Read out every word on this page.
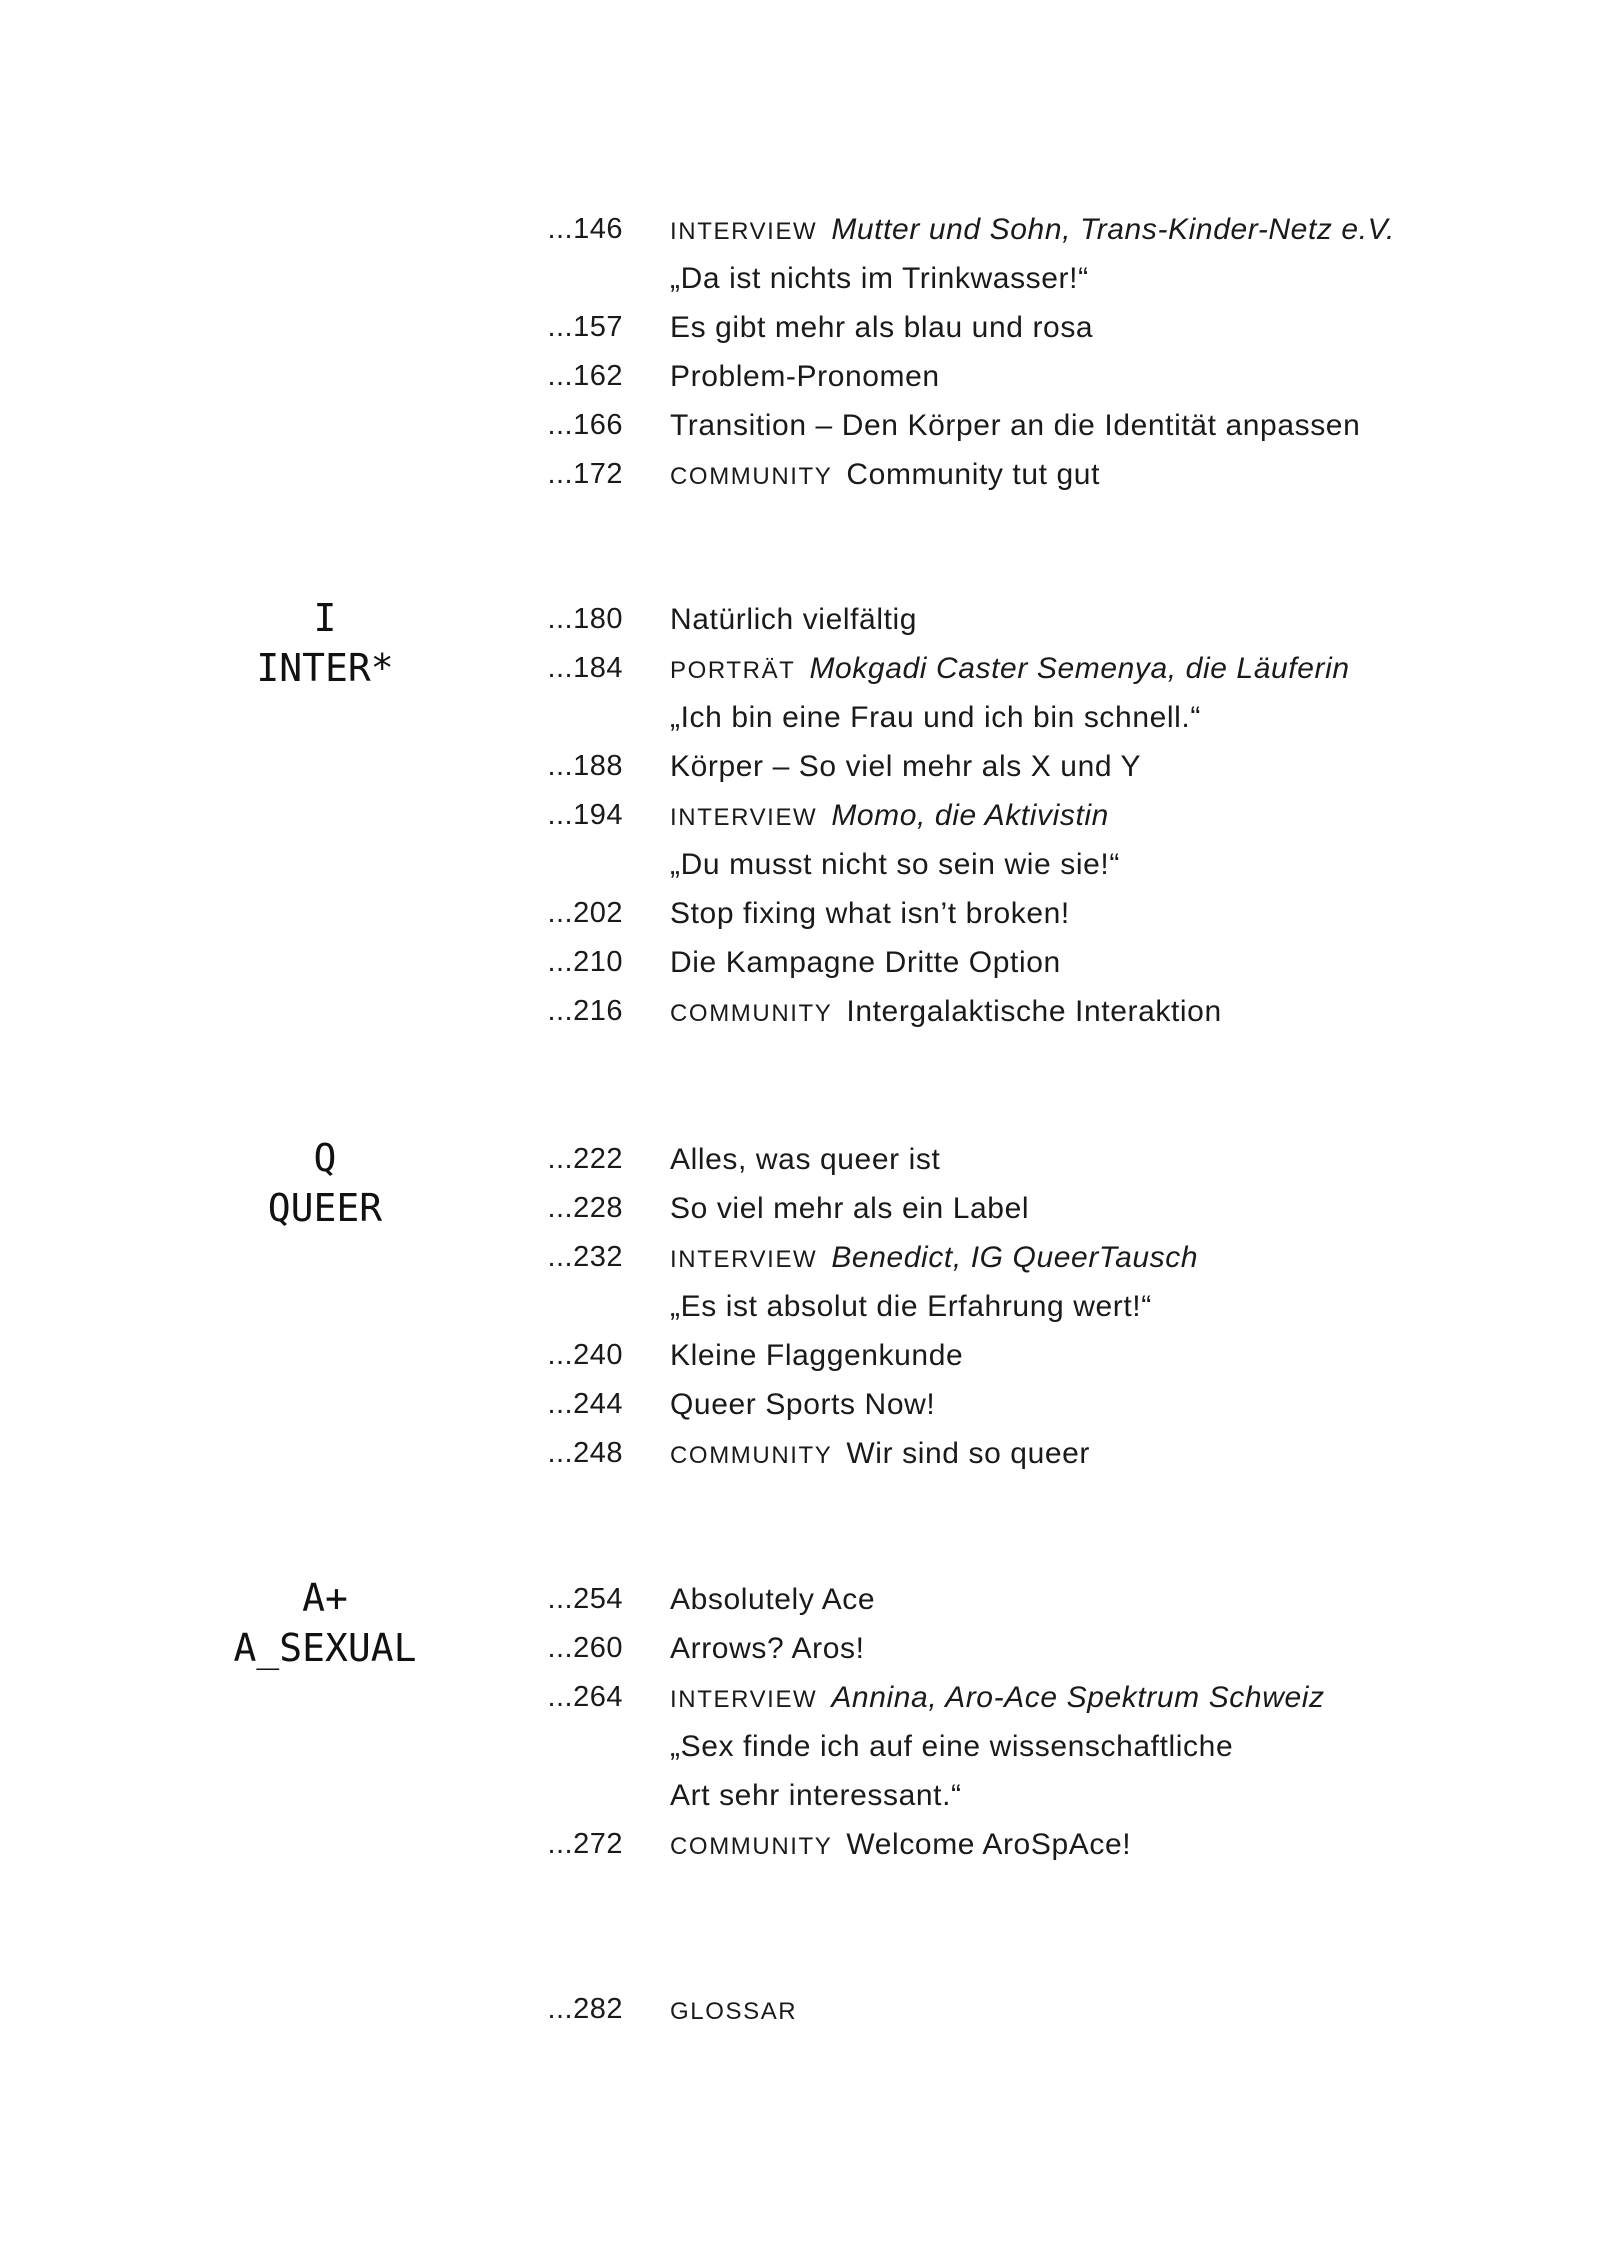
...146 INTERVIEW Mutter und Sohn, Trans-Kinder-Netz e.V.
„Da ist nichts im Trinkwasser!“
...157 Es gibt mehr als blau und rosa
...162 Problem-Pronomen
...166 Transition – Den Körper an die Identität anpassen
...172 COMMUNITY Community tut gut
I
INTER*
...180 Natürlich vielfältig
...184 PORTRÄT Mokgadi Caster Semenya, die Läuferin
„Ich bin eine Frau und ich bin schnell.“
...188 Körper – So viel mehr als X und Y
...194 INTERVIEW Momo, die Aktivistin
„Du musst nicht so sein wie sie!“
...202 Stop fixing what isn’t broken!
...210 Die Kampagne Dritte Option
...216 COMMUNITY Intergalaktische Interaktion
Q
QUEER
...222 Alles, was queer ist
...228 So viel mehr als ein Label
...232 INTERVIEW Benedict, IG QueerTausch
„Es ist absolut die Erfahrung wert!“
...240 Kleine Flaggenkunde
...244 Queer Sports Now!
...248 COMMUNITY Wir sind so queer
A+
A_SEXUAL
...254 Absolutely Ace
...260 Arrows? Aros!
...264 INTERVIEW Annina, Aro-Ace Spektrum Schweiz
„Sex finde ich auf eine wissenschaftliche
Art sehr interessant.“
...272 COMMUNITY Welcome AroSpAce!
...282 GLOSSAR
